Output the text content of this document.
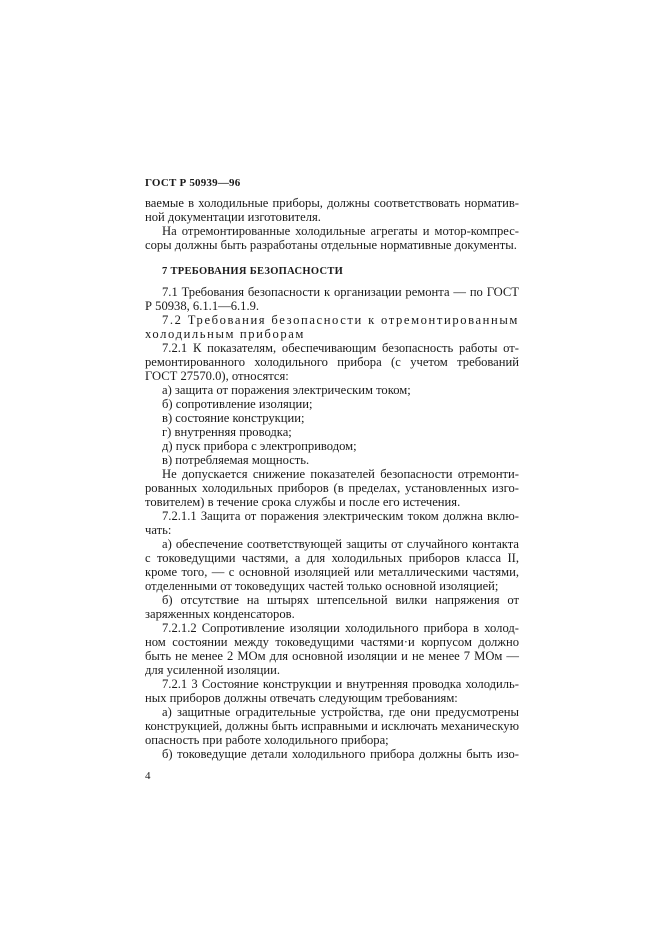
ГОСТ Р 50939—96
ваемые в холодильные приборы, должны соответствовать норматив-
ной документации изготовителя.
На отремонтированные холодильные агрегаты и мотор-компрес-
соры должны быть разработаны отдельные нормативные документы.
7 ТРЕБОВАНИЯ БЕЗОПАСНОСТИ
7.1 Требования безопасности к организации ремонта — по ГОСТ
Р 50938, 6.1.1—6.1.9.
7.2 Требования безопасности к отремонтированным
холодильным приборам
7.2.1 К показателям, обеспечивающим безопасность работы от-
ремонтированного холодильного прибора (с учетом требований
ГОСТ 27570.0), относятся:
а) защита от поражения электрическим током;
б) сопротивление изоляции;
в) состояние конструкции;
г) внутренняя проводка;
д) пуск прибора с электроприводом;
в) потребляемая мощность.
Не допускается снижение показателей безопасности отремонти-
рованных холодильных приборов (в пределах, установленных изго-
товителем) в течение срока службы и после его истечения.
7.2.1.1 Защита от поражения электрическим током должна вклю-
чать:
а) обеспечение соответствующей защиты от случайного контакта
с токоведущими частями, а для холодильных приборов класса II,
кроме того, — с основной изоляцией или металлическими частями,
отделенными от токоведущих частей только основной изоляцией;
б) отсутствие на штырях штепсельной вилки напряжения от
заряженных конденсаторов.
7.2.1.2 Сопротивление изоляции холодильного прибора в холод-
ном состоянии между токоведущими частями·и корпусом должно
быть не менее 2 МОм для основной изоляции и не менее 7 МОм —
для усиленной изоляции.
7.2.1 3 Состояние конструкции и внутренняя проводка холодиль-
ных приборов должны отвечать следующим требованиям:
а) защитные оградительные устройства, где они предусмотрены
конструкцией, должны быть исправными и исключать механическую
опасность при работе холодильного прибора;
б) токоведущие детали холодильного прибора должны быть изо-
4
